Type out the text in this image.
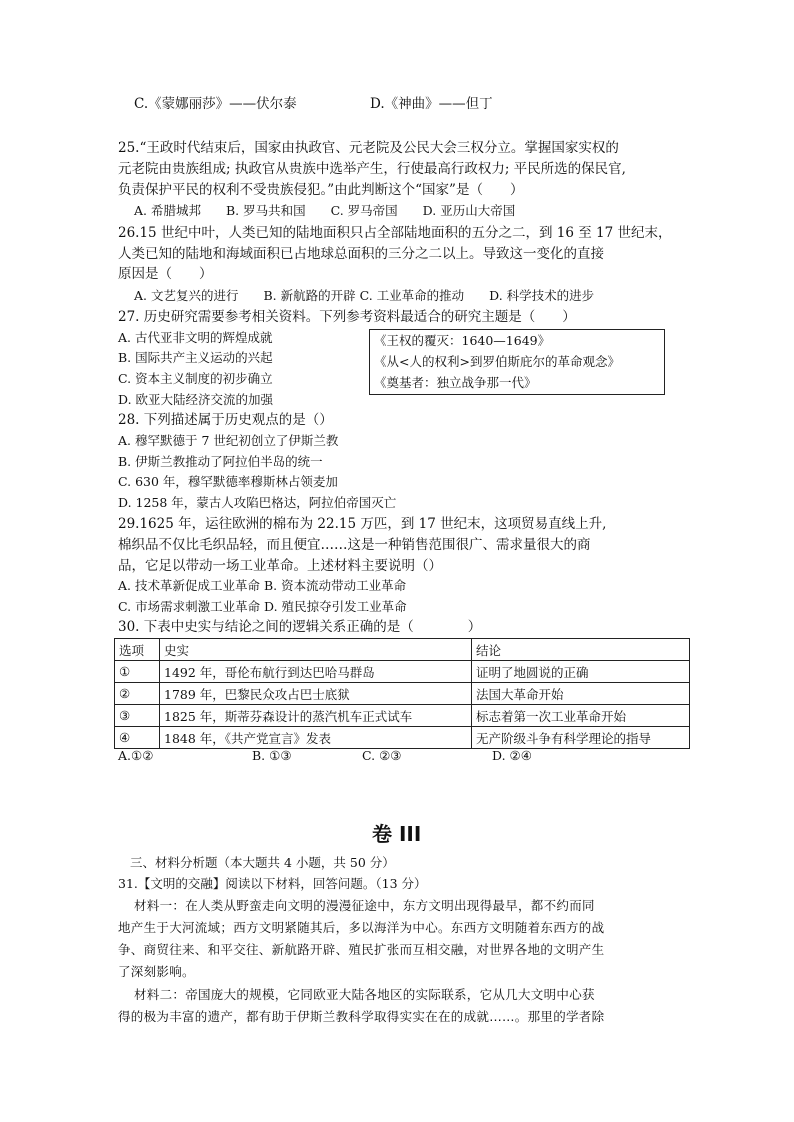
C.《蒙娜丽莎》——伏尔泰	D.《神曲》——但丁
25.“王政时代结束后，国家由执政官、元老院及公民大会三权分立。掌握国家实权的
元老院由贵族组成; 执政官从贵族中选举产生，行使最高行政权力; 平民所选的保民官,
负责保护平民的权利不受贵族侵犯。”由此判断这个“国家”是（　　）
A. 希腊城邦　　B. 罗马共和国　　C. 罗马帝国　　D. 亚历山大帝国
26.15 世纪中叶，人类已知的陆地面积只占全部陆地面积的五分之二，到 16 至 17 世纪末，
人类已知的陆地和海域面积已占地球总面积的三分之二以上。导致这一变化的直接
原因是（　　）
A. 文艺复兴的进行　　B. 新航路的开辟 C. 工业革命的推动　　D. 科学技术的进步
27. 历史研究需要参考相关资料。下列参考资料最适合的研究主题是（　　）
A. 古代亚非文明的辉煌成就
B. 国际共产主义运动的兴起
C. 资本主义制度的初步确立
D. 欧亚大陆经济交流的加强
《王权的覆灭：1640—1649》
《从<人的权利>到罗伯斯庇尔的革命观念》
《奠基者：独立战争那一代》
28. 下列描述属于历史观点的是（）
A. 穆罕默德于 7 世纪初创立了伊斯兰教
B. 伊斯兰教推动了阿拉伯半岛的统一
C. 630 年，穆罕默德率穆斯林占领麦加
D. 1258 年，蒙古人攻陷巴格达，阿拉伯帝国灭亡
29.1625 年，运往欧洲的棉布为 22.15 万匹，到 17 世纪末，这项贸易直线上升,
棉织品不仅比毛织品轻，而且便宜……这是一种销售范围很广、需求量很大的商
品，它足以带动一场工业革命。上述材料主要说明（）
A. 技术革新促成工业革命 B. 资本流动带动工业革命
C. 市场需求刺激工业革命 D. 殖民掠夺引发工业革命
30. 下表中史实与结论之间的逻辑关系正确的是（　　　　）
选项	史实	结论
①	1492 年，哥伦布航行到达巴哈马群岛	证明了地圆说的正确
②	1789 年，巴黎民众攻占巴士底狱	法国大革命开始
③	1825 年，斯蒂芬森设计的蒸汽机车正式试车	标志着第一次工业革命开始
④	1848 年，《共产党宣言》发表	无产阶级斗争有科学理论的指导
A.①②	B. ①③	C. ②③	D. ②④
卷 III
三、材料分析题（本大题共 4 小题，共 50 分）
31.【文明的交融】阅读以下材料，回答问题。（13 分）
材料一：在人类从野蛮走向文明的漫漫征途中，东方文明出现得最早，都不约而同
地产生于大河流域；西方文明紧随其后，多以海洋为中心。东西方文明随着东西方的战
争、商贸往来、和平交往、新航路开辟、殖民扩张而互相交融，对世界各地的文明产生
了深刻影响。
材料二：帝国庞大的规模，它同欧亚大陆各地区的实际联系，它从几大文明中心获
得的极为丰富的遗产，都有助于伊斯兰教科学取得实实在在的成就……。那里的学者除
